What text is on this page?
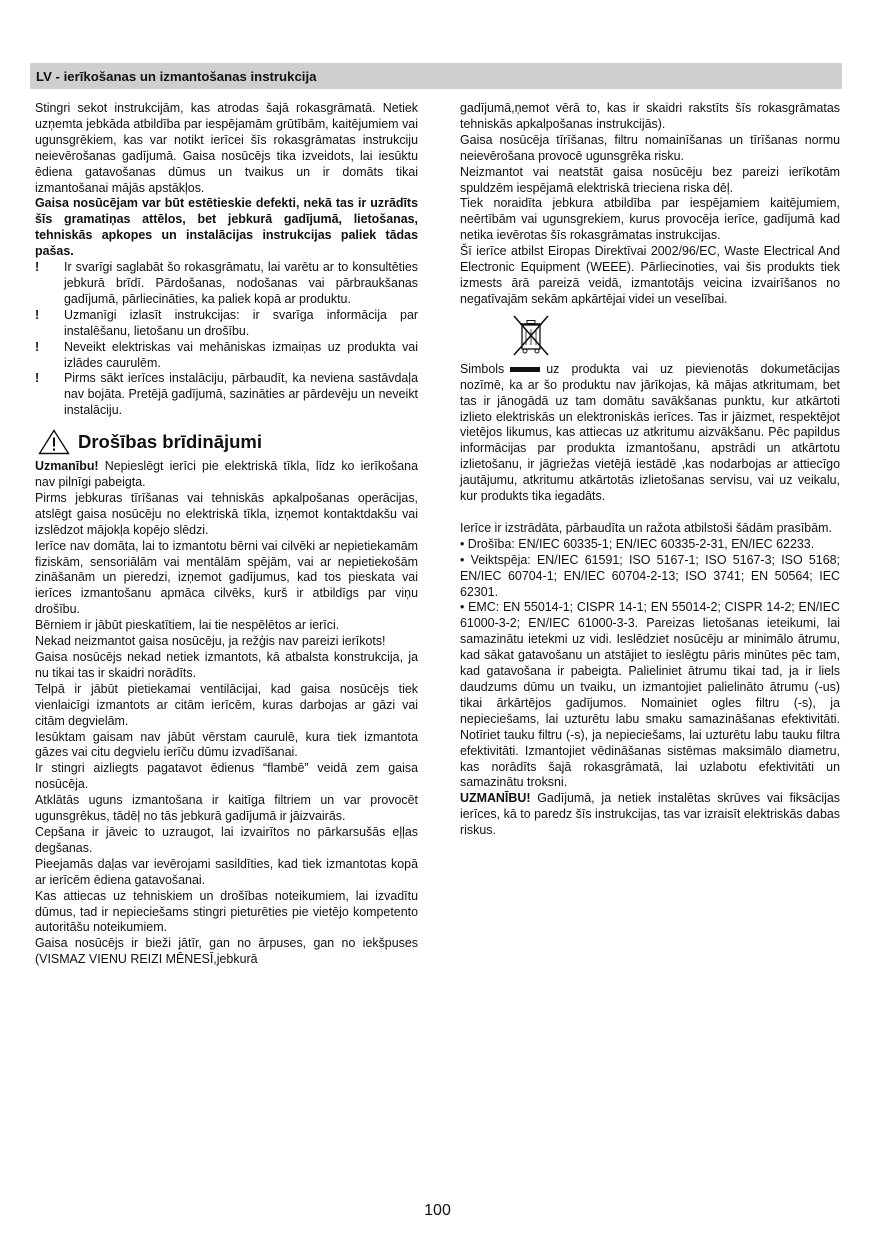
LV - ierīkošanas un izmantošanas instrukcija

Stingri sekot instrukcijām, kas atrodas šajā rokasgrāmatā. Netiek uzņemta jebkāda atbildība par iespējamām grūtībām, kaitējumiem vai ugunsgrēkiem, kas var notikt ierīcei šīs rokasgrāmatas instrukciju neievērošanas gadījumā. Gaisa nosūcējs tika izveidots, lai iesūktu ēdiena gatavošanas dūmus un tvaikus un ir domāts tikai izmantošanai mājās apstākļos.

Gaisa nosūcējam var būt estētieskie defekti, nekā tas ir uzrādīts šīs gramatiņas attēlos, bet jebkurā gadījumā, lietošanas, tehniskās apkopes un instalācijas instrukcijas paliek tādas pašas.

! Ir svarīgi saglabāt šo rokasgrāmatu, lai varētu ar to konsultēties jebkurā brīdī. Pārdošanas, nodošanas vai pārbraukšanas gadījumā, pārliecināties, ka paliek kopā ar produktu.

! Uzmanīgi izlasīt instrukcijas: ir svarīga informācija par instalēšanu, lietošanu un drošību.

! Neveikt elektriskas vai mehāniskas izmaiņas uz produkta vai izlādes caurulēm.

! Pirms sākt ierīces instalāciju, pārbaudīt, ka neviena sastāvdaļa nav bojāta. Pretējā gadījumā, sazināties ar pārdevēju un neveikt instalāciju.

Drošības brīdinājumi

Uzmanību! Nepieslēgt ierīci pie elektriskā tīkla, līdz ko ierīkošana nav pilnīgi pabeigta.

Pirms jebkuras tīrīšanas vai tehniskās apkalpošanas operācijas, atslēgt gaisa nosūcēju no elektriskā tīkla, izņemot kontaktdakšu vai izslēdzot mājokļa kopējo slēdzi.

Ierīce nav domāta, lai to izmantotu bērni vai cilvēki ar nepietiekamām fiziskām, sensoriālām vai mentālām spējām, vai ar nepietiekošām zināšanām un pieredzi, izņemot gadījumus, kad tos pieskata vai ierīces izmantošanu apmāca cilvēks, kurš ir atbildīgs par viņu drošību.

Bērniem ir jābūt pieskatītiem, lai tie nespēlētos ar ierīci.

Nekad neizmantot gaisa nosūcēju, ja režģis nav pareizi ierīkots!

Gaisa nosūcējs nekad netiek izmantots, kā atbalsta konstrukcija, ja nu tikai tas ir skaidri norādīts.

Telpā ir jābūt pietiekamai ventilācijai, kad gaisa nosūcējs tiek vienlaicīgi izmantots ar citām ierīcēm, kuras darbojas ar gāzi vai citām degvielām.

Iesūktam gaisam nav jābūt vērstam caurulē, kura tiek izmantota gāzes vai citu degvielu ierīču dūmu izvadīšanai.

Ir stingri aizliegts pagatavot ēdienus “flambē” veidā zem gaisa nosūcēja.

Atklātās uguns izmantošana ir kaitīga filtriem un var provocēt ugunsgrēkus, tādēļ no tās jebkurā gadījumā ir jāizvairās.

Cepšana ir jāveic to uzraugot, lai izvairītos no pārkarsušās eļļas degšanas.

Pieejamās daļas var ievērojami sasildīties, kad tiek izmantotas kopā ar ierīcēm ēdiena gatavošanai.

Kas attiecas uz tehniskiem un drošības noteikumiem, lai izvadītu dūmus, tad ir nepieciešams stingri pieturēties pie vietējo kompetento autoritāšu noteikumiem.

Gaisa nosūcējs ir bieži jātīr, gan no ārpuses, gan no iekšpuses (VISMAZ VIENU REIZI MĒNESĪ,jebkurā

gadījumā,ņemot vērā to, kas ir skaidri rakstīts šīs rokasgrāmatas tehniskās apkalpošanas instrukcijās).

Gaisa nosūcēja tīrīšanas, filtru nomainīšanas un tīrīšanas normu neievērošana provocē ugunsgrēka risku.

Neizmantot vai neatstāt gaisa nosūcēju bez pareizi ierīkotām spuldzēm iespējamā elektriskā trieciena riska dēļ.

Tiek noraidīta jebkura atbildība par iespējamiem kaitējumiem, neērtībām vai ugunsgrekiem, kurus provocēja ierīce, gadījumā kad netika ievērotas šīs rokasgrāmatas instrukcijas.

Šī ierīce atbilst Eiropas Direktīvai 2002/96/EC, Waste Electrical And Electronic Equipment (WEEE). Pārliecinoties, vai šis produkts tiek izmests ārā pareizā veidā, izmantotājs veicina izvairīšanos no negatīvajām sekām apkārtējai videi un veselībai.

Simbols	uz produkta vai uz pievienotās dokumetācijas nozīmē, ka ar šo produktu nav jārīkojas, kā mājas atkritumam, bet tas ir jānogādā uz tam domātu savākšanas punktu, kur atkārtoti izlieto elektriskās un elektroniskās ierīces. Tas ir jāizmet, respektējot vietējos likumus, kas attiecas uz atkritumu aizvākšanu. Pēc papildus informācijas par produkta izmantošanu, apstrādi un atkārtotu izlietošanu, ir jāgriežas vietējā iestādē ,kas nodarbojas ar attiecīgo jautājumu, atkritumu atkārtotās izlietošanas servisu, vai uz veikalu, kur produkts tika iegadāts.

Ierīce ir izstrādāta, pārbaudīta un ražota atbilstoši šādām prasībām.

• Drošība: EN/IEC 60335-1; EN/IEC 60335-2-31, EN/IEC 62233.

• Veiktspēja: EN/IEC 61591; ISO 5167-1; ISO 5167-3; ISO 5168; EN/IEC 60704-1; EN/IEC 60704-2-13; ISO 3741; EN 50564; IEC 62301.

• EMC: EN 55014-1; CISPR 14-1; EN 55014-2; CISPR 14-2; EN/IEC 61000-3-2; EN/IEC 61000-3-3. Pareizas lietošanas ieteikumi, lai samazinātu ietekmi uz vidi. Ieslēdziet nosūcēju ar minimālo ātrumu, kad sākat gatavošanu un atstājiet to ieslēgtu pāris minūtes pēc tam, kad gatavošana ir pabeigta. Palieliniet ātrumu tikai tad, ja ir liels daudzums dūmu un tvaiku, un izmantojiet palielināto ātrumu (-us) tikai ārkārtējos gadījumos. Nomainiet ogles filtru (-s), ja nepieciešams, lai uzturētu labu smaku samazināšanas efektivitāti. Notīriet tauku filtru (-s), ja nepieciešams, lai uzturētu labu tauku filtra efektivitāti. Izmantojiet vēdināšanas sistēmas maksimālo diametru, kas norādīts šajā rokasgrāmatā, lai uzlabotu efektivitāti un samazinātu troksni.

UZMANĪBU! Gadījumā, ja netiek instalētas skrūves vai fiksācijas ierīces, kā to paredz šīs instrukcijas, tas var izraisīt elektriskās dabas riskus.

100
